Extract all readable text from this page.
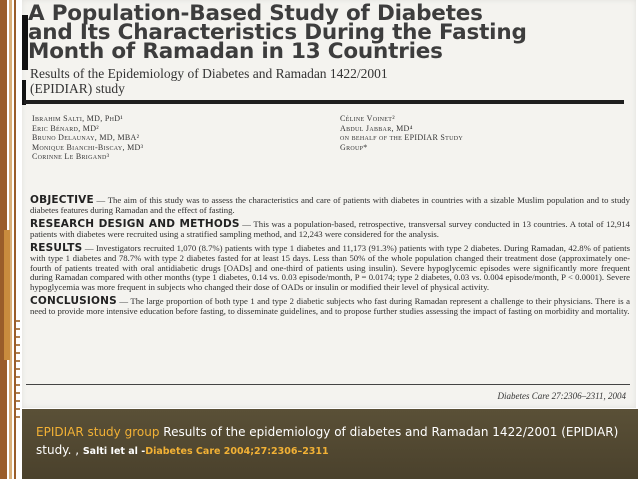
A Population-Based Study of Diabetes
and Its Characteristics During the Fasting
Month of Ramadan in 13 Countries
Results of the Epidemiology of Diabetes and Ramadan 1422/2001
(EPIDIAR) study
Ibrahim Salti, MD, PhD¹
Eric Bénard, MD²
Bruno Delaunay, MD, MBA²
Monique Bianchi-Biscay, MD³
Corinne Le Brigand³
Céline Voinet²
Abdul Jabbar, MD⁴
on behalf of the EPIDIAR Study
Group*

OBJECTIVE — The aim of this study was to assess the characteristics and care of patients with diabetes in countries with a sizable Muslim population and to study diabetes features during Ramadan and the effect of fasting.

RESEARCH DESIGN AND METHODS — This was a population-based, retrospective, transversal survey conducted in 13 countries. A total of 12,914 patients with diabetes were recruited using a stratified sampling method, and 12,243 were considered for the analysis.

RESULTS — Investigators recruited 1,070 (8.7%) patients with type 1 diabetes and 11,173 (91.3%) patients with type 2 diabetes. During Ramadan, 42.8% of patients with type 1 diabetes and 78.7% with type 2 diabetes fasted for at least 15 days. Less than 50% of the whole population changed their treatment dose (approximately one-fourth of patients treated with oral antidiabetic drugs [OADs] and one-third of patients using insulin). Severe hypoglycemic episodes were significantly more frequent during Ramadan compared with other months (type 1 diabetes, 0.14 vs. 0.03 episode/month, P = 0.0174; type 2 diabetes, 0.03 vs. 0.004 episode/month, P < 0.0001). Severe hypoglycemia was more frequent in subjects who changed their dose of OADs or insulin or modified their level of physical activity.

CONCLUSIONS — The large proportion of both type 1 and type 2 diabetic subjects who fast during Ramadan represent a challenge to their physicians. There is a need to provide more intensive education before fasting, to disseminate guidelines, and to propose further studies assessing the impact of fasting on morbidity and mortality.

Diabetes Care 27:2306–2311, 2004
EPIDIAR study group Results of the epidemiology of diabetes and Ramadan 1422/2001 (EPIDIAR) study. , Salti Iet al -Diabetes Care 2004;27:2306–2311
